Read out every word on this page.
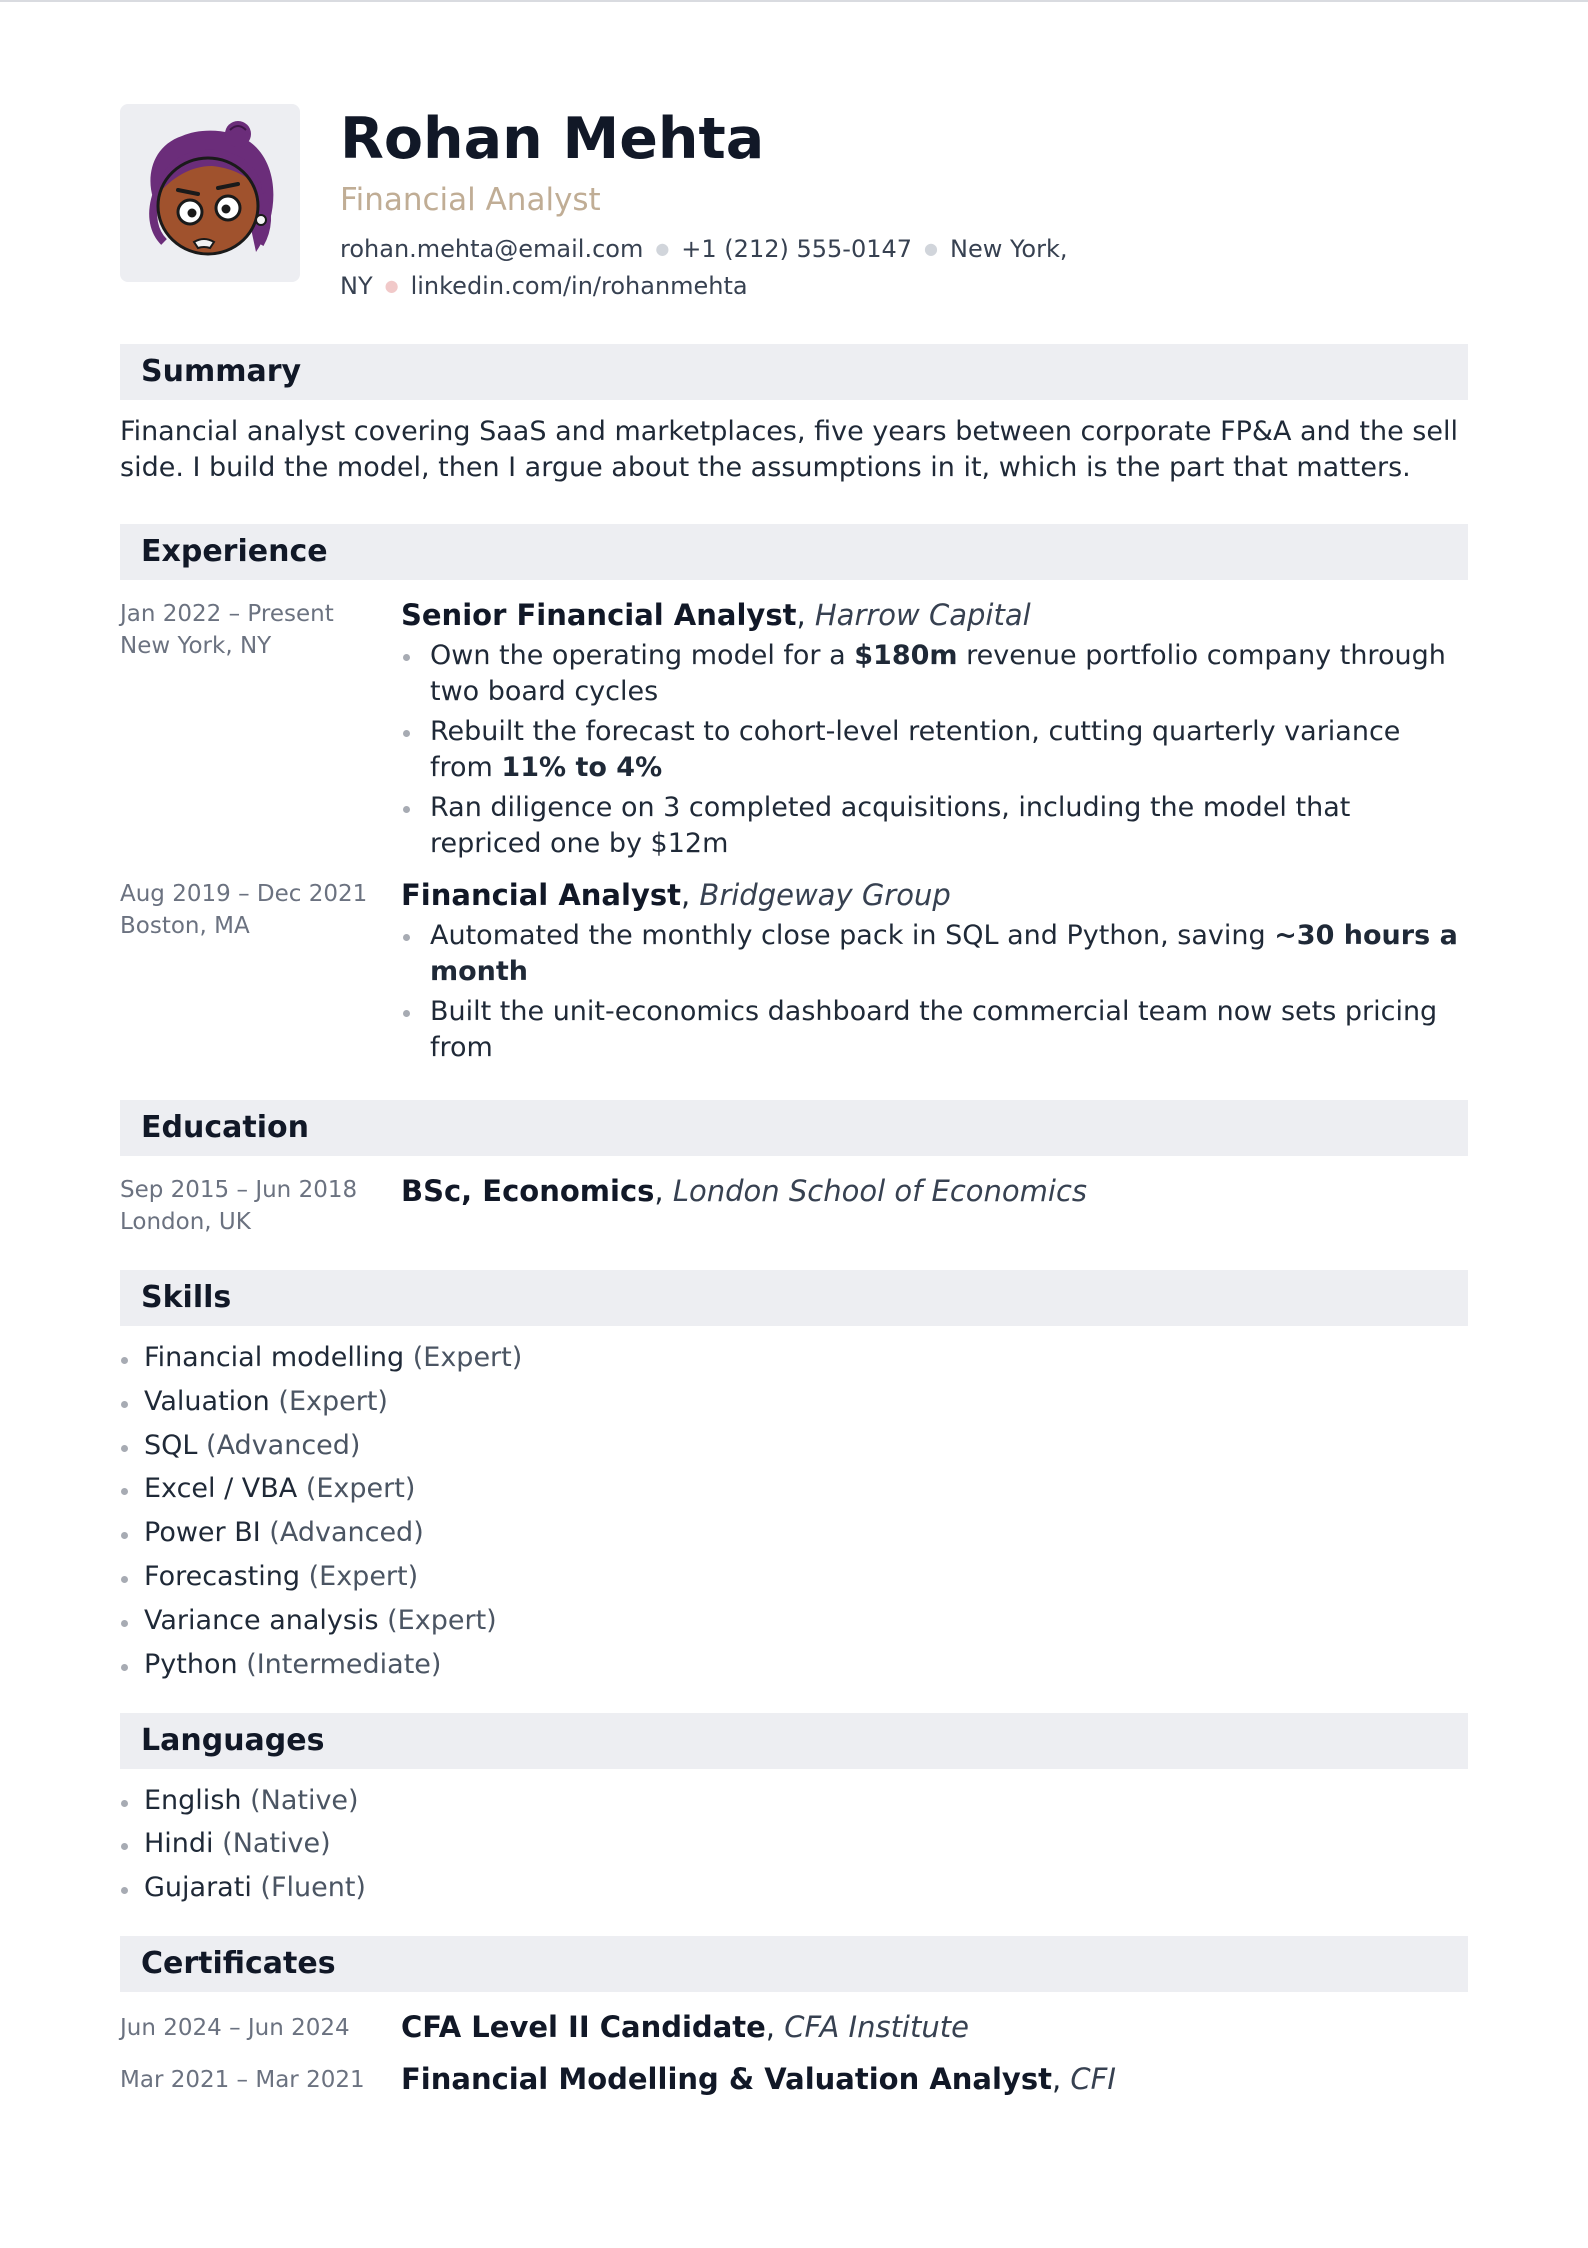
Rohan Mehta
Financial Analyst
rohan.mehta@email.com ● +1 (212) 555-0147 ● New York, NY ● linkedin.com/in/rohanmehta
Summary
Financial analyst covering SaaS and marketplaces, five years between corporate FP&A and the sell side. I build the model, then I argue about the assumptions in it, which is the part that matters.
Experience
Jan 2022 – Present
New York, NY
Senior Financial Analyst, Harrow Capital
Own the operating model for a $180m revenue portfolio company through two board cycles
Rebuilt the forecast to cohort-level retention, cutting quarterly variance from 11% to 4%
Ran diligence on 3 completed acquisitions, including the model that repriced one by $12m
Aug 2019 – Dec 2021
Boston, MA
Financial Analyst, Bridgeway Group
Automated the monthly close pack in SQL and Python, saving ~30 hours a month
Built the unit-economics dashboard the commercial team now sets pricing from
Education
Sep 2015 – Jun 2018
London, UK
BSc, Economics, London School of Economics
Skills
Financial modelling (Expert)
Valuation (Expert)
SQL (Advanced)
Excel / VBA (Expert)
Power BI (Advanced)
Forecasting (Expert)
Variance analysis (Expert)
Python (Intermediate)
Languages
English (Native)
Hindi (Native)
Gujarati (Fluent)
Certificates
Jun 2024 – Jun 2024	CFA Level II Candidate, CFA Institute
Mar 2021 – Mar 2021	Financial Modelling & Valuation Analyst, CFI
